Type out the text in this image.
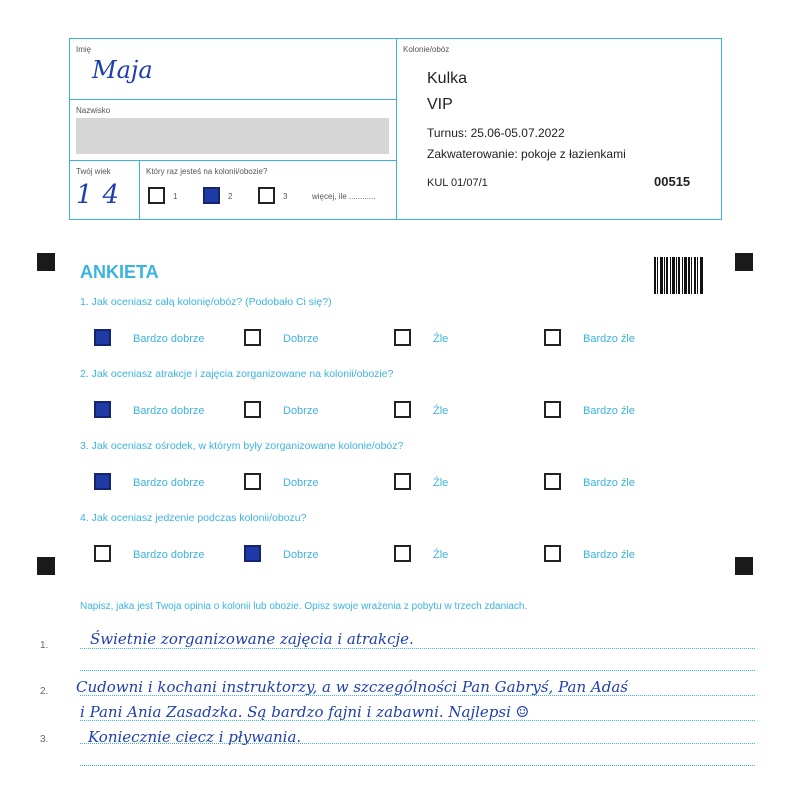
Imię
Maja
Nazwisko
Twój wiek
14
Który raz jesteś na kolonii/obozie?
1	2	3	więcej, ile ............
Kolonie/obóz
Kulka
VIP
Turnus: 25.06-05.07.2022
Zakwaterowanie: pokoje z łazienkami
KUL 01/07/1	00515
ANKIETA
1. Jak oceniasz całą kolonię/obóz? (Podobało Ci się?)
Bardzo dobrze	Dobrze	Źle	Bardzo źle
2. Jak oceniasz atrakcje i zajęcia zorganizowane na kolonii/obozie?
Bardzo dobrze	Dobrze	Źle	Bardzo źle
3. Jak oceniasz ośrodek, w którym były zorganizowane kolonie/obóz?
Bardzo dobrze	Dobrze	Źle	Bardzo źle
4. Jak oceniasz jedzenie podczas kolonii/obozu?
Bardzo dobrze	Dobrze	Źle	Bardzo źle
Napisz, jaka jest Twoja opinia o kolonii lub obozie. Opisz swoje wrażenia z pobytu w trzech zdaniach.
1.
2.
3.
Świetnie zorganizowane zajęcia i atrakcje.
Cudowni i kochani instruktorzy, a w szczególności Pan Gabryś, Pan Adaś
i Pani Ania Zasadzka. Są bardzo fajni i zabawni. Najlepsi ☺
Koniecznie ciecz i pływania.
